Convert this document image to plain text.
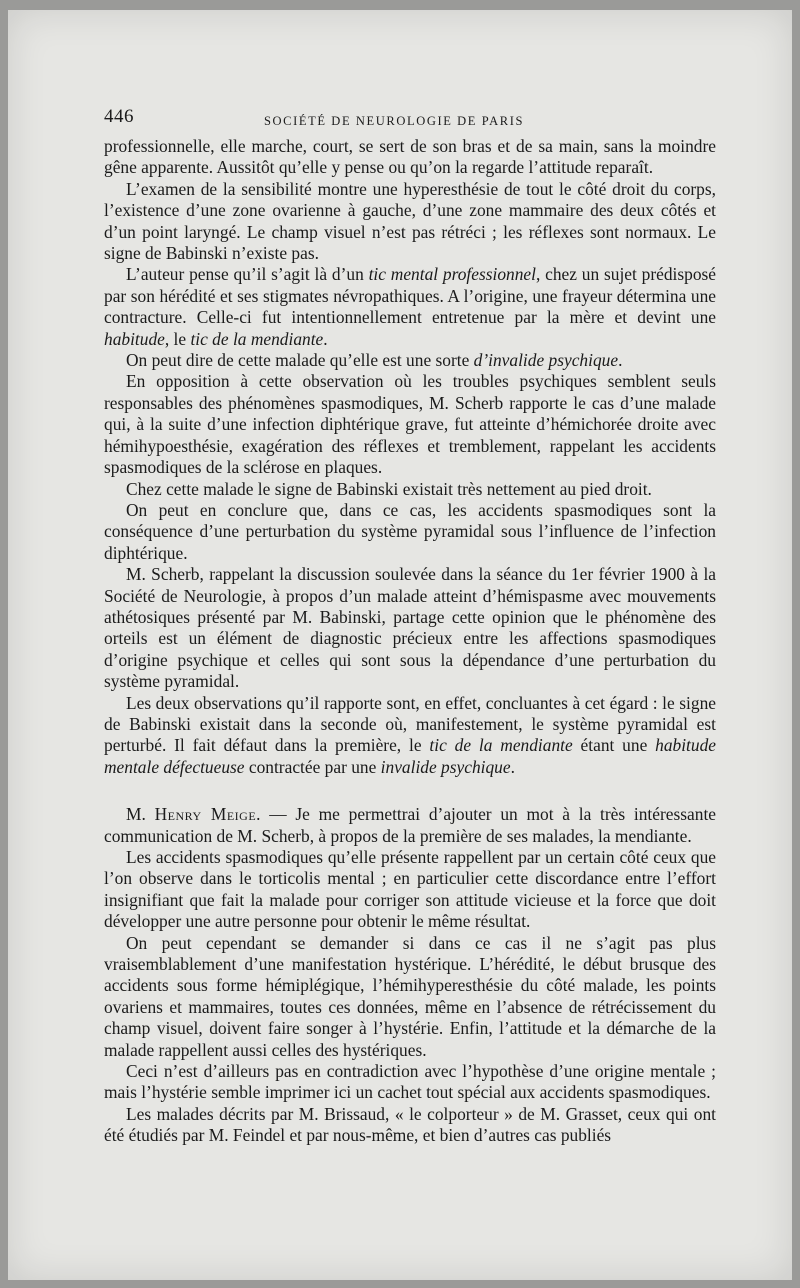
446	SOCIÉTÉ DE NEUROLOGIE DE PARIS

professionnelle, elle marche, court, se sert de son bras et de sa main, sans la moindre gêne apparente. Aussitôt qu’elle y pense ou qu’on la regarde l’attitude reparaît.

L’examen de la sensibilité montre une hyperesthésie de tout le côté droit du corps, l’existence d’une zone ovarienne à gauche, d’une zone mammaire des deux côtés et d’un point laryngé. Le champ visuel n’est pas rétréci ; les réflexes sont normaux. Le signe de Babinski n’existe pas.

L’auteur pense qu’il s’agit là d’un tic mental professionnel, chez un sujet prédisposé par son hérédité et ses stigmates névropathiques. A l’origine, une frayeur détermina une contracture. Celle-ci fut intentionnellement entretenue par la mère et devint une habitude, le tic de la mendiante.

On peut dire de cette malade qu’elle est une sorte d’invalide psychique.

En opposition à cette observation où les troubles psychiques semblent seuls responsables des phénomènes spasmodiques, M. Scherb rapporte le cas d’une malade qui, à la suite d’une infection diphtérique grave, fut atteinte d’hémichorée droite avec hémihypoesthésie, exagération des réflexes et tremblement, rappelant les accidents spasmodiques de la sclérose en plaques.

Chez cette malade le signe de Babinski existait très nettement au pied droit.

On peut en conclure que, dans ce cas, les accidents spasmodiques sont la conséquence d’une perturbation du système pyramidal sous l’influence de l’infection diphtérique.

M. Scherb, rappelant la discussion soulevée dans la séance du 1er février 1900 à la Société de Neurologie, à propos d’un malade atteint d’hémispasme avec mouvements athétosiques présenté par M. Babinski, partage cette opinion que le phénomène des orteils est un élément de diagnostic précieux entre les affections spasmodiques d’origine psychique et celles qui sont sous la dépendance d’une perturbation du système pyramidal.

Les deux observations qu’il rapporte sont, en effet, concluantes à cet égard : le signe de Babinski existait dans la seconde où, manifestement, le système pyramidal est perturbé. Il fait défaut dans la première, le tic de la mendiante étant une habitude mentale défectueuse contractée par une invalide psychique.

M. Henry Meige. — Je me permettrai d’ajouter un mot à la très intéressante communication de M. Scherb, à propos de la première de ses malades, la mendiante.

Les accidents spasmodiques qu’elle présente rappellent par un certain côté ceux que l’on observe dans le torticolis mental ; en particulier cette discordance entre l’effort insignifiant que fait la malade pour corriger son attitude vicieuse et la force que doit développer une autre personne pour obtenir le même résultat.

On peut cependant se demander si dans ce cas il ne s’agit pas plus vraisemblablement d’une manifestation hystérique. L’hérédité, le début brusque des accidents sous forme hémiplégique, l’hémihyperesthésie du côté malade, les points ovariens et mammaires, toutes ces données, même en l’absence de rétrécissement du champ visuel, doivent faire songer à l’hystérie. Enfin, l’attitude et la démarche de la malade rappellent aussi celles des hystériques.

Ceci n’est d’ailleurs pas en contradiction avec l’hypothèse d’une origine mentale ; mais l’hystérie semble imprimer ici un cachet tout spécial aux accidents spasmodiques.

Les malades décrits par M. Brissaud, « le colporteur » de M. Grasset, ceux qui ont été étudiés par M. Feindel et par nous-même, et bien d’autres cas publiés
